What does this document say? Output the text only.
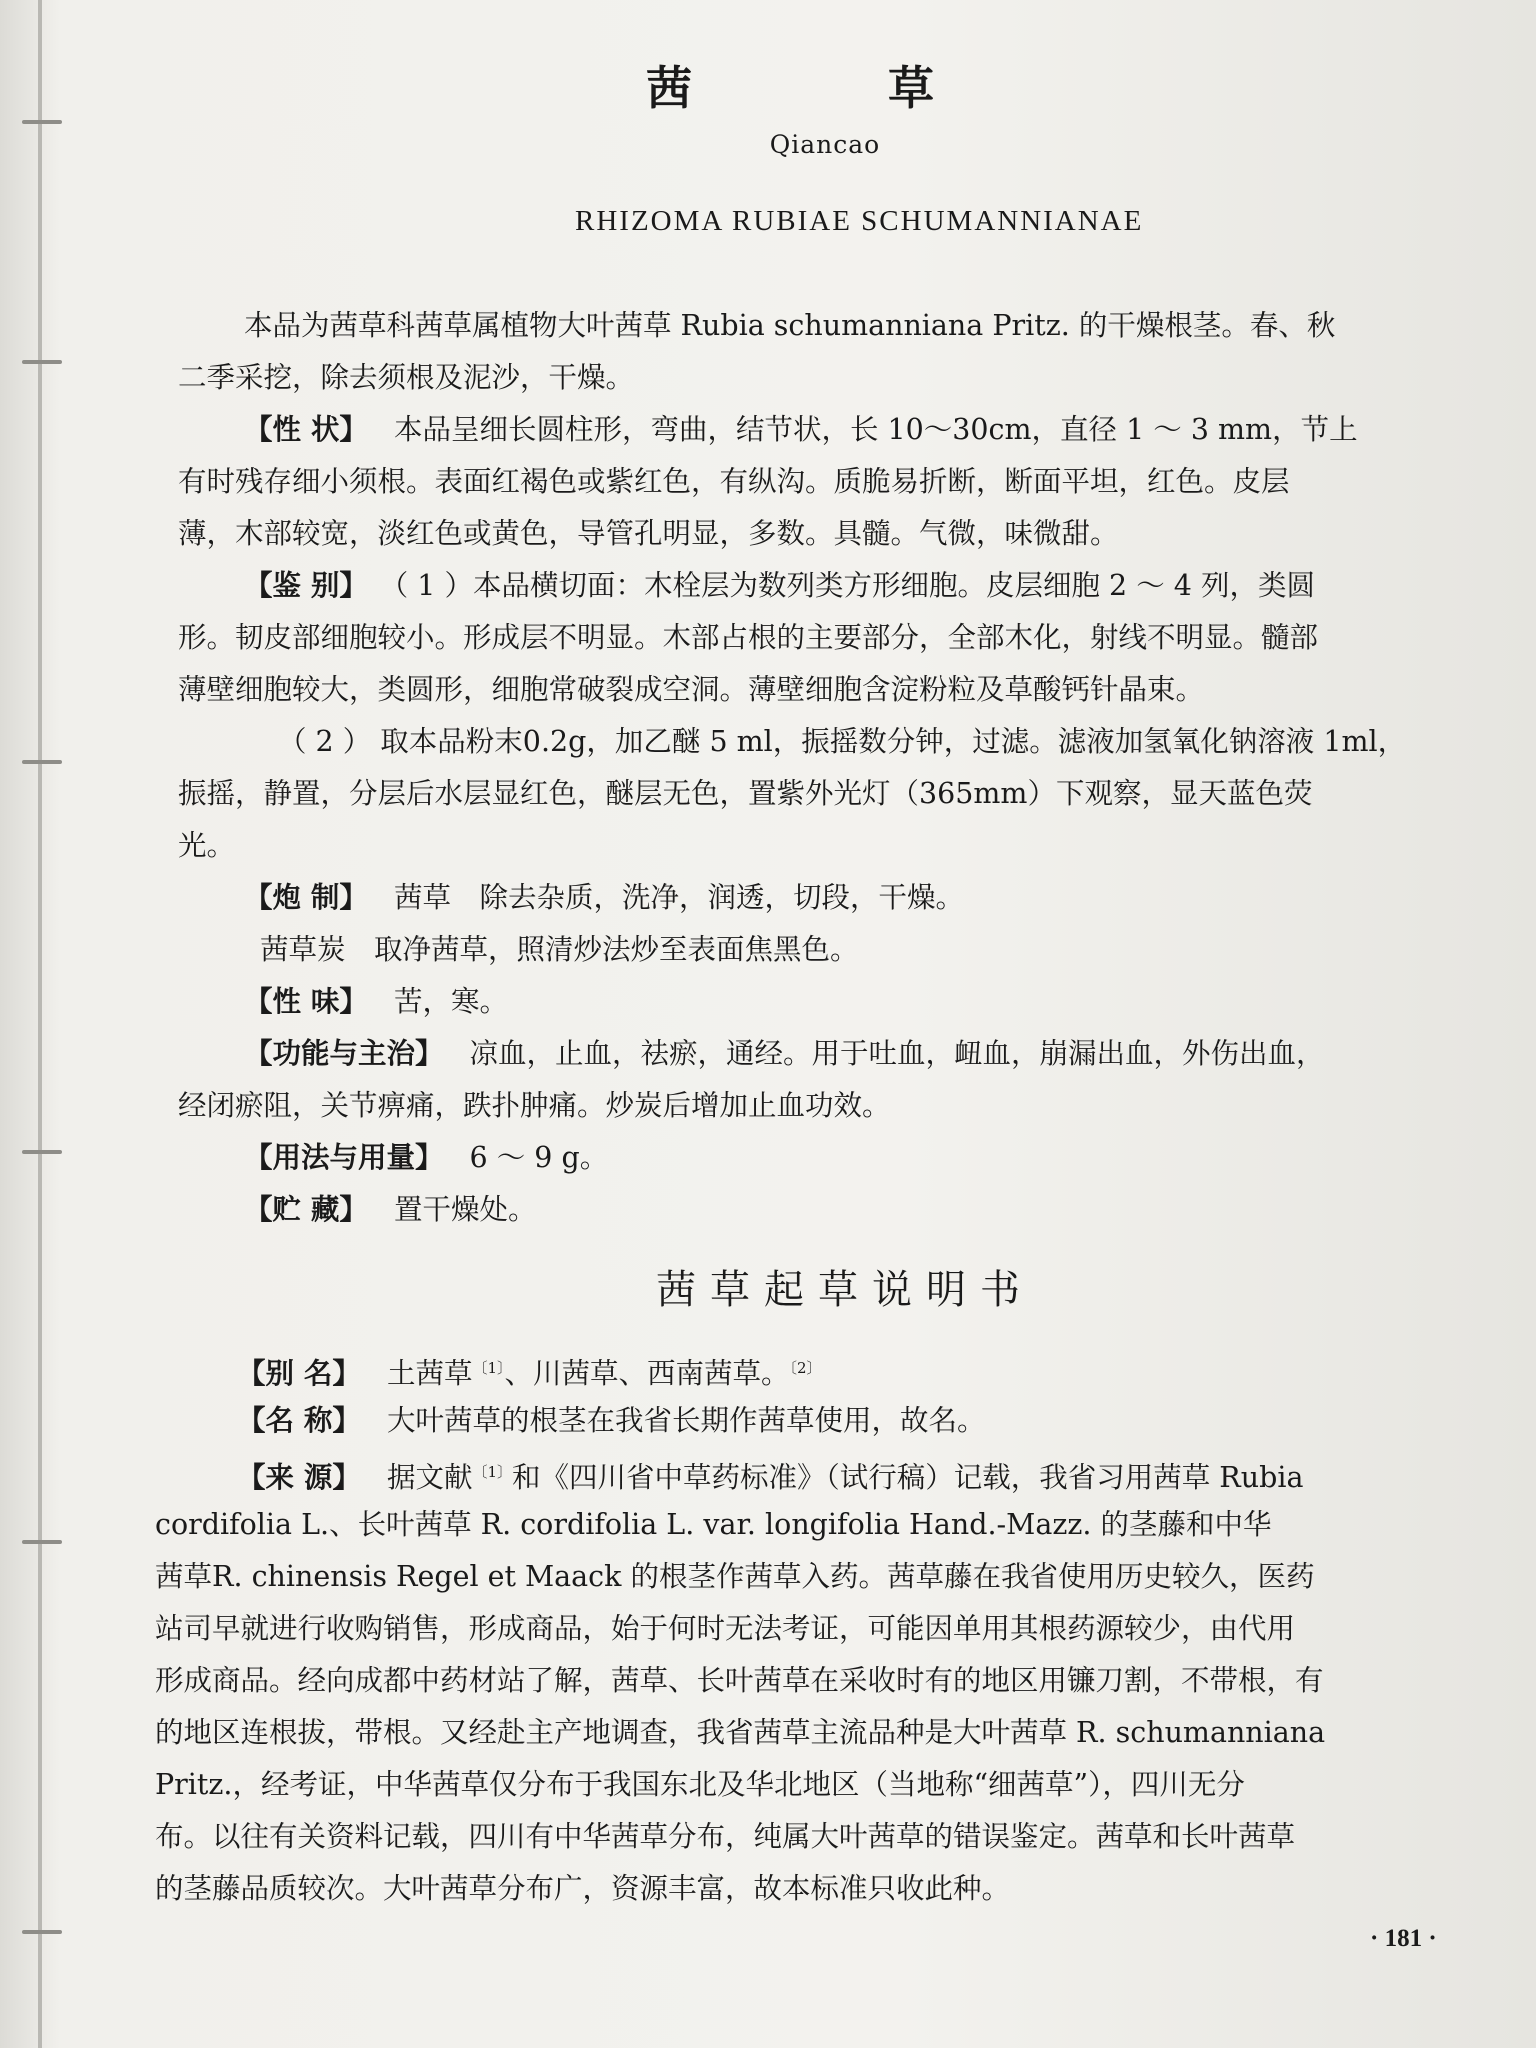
茜 草
Qiancao
RHIZOMA RUBIAE SCHUMANNIANAE
本品为茜草科茜草属植物大叶茜草 Rubia schumanniana Pritz. 的干燥根茎。春、秋
二季采挖，除去须根及泥沙，干燥。
【性 状】 本品呈细长圆柱形，弯曲，结节状，长 10～30cm，直径 1 ～ 3 mm，节上
有时残存细小须根。表面红褐色或紫红色，有纵沟。质脆易折断，断面平坦，红色。皮层
薄，木部较宽，淡红色或黄色，导管孔明显，多数。具髓。气微，味微甜。
【鉴 别】 （ 1 ）本品横切面：木栓层为数列类方形细胞。皮层细胞 2 ～ 4 列，类圆
形。韧皮部细胞较小。形成层不明显。木部占根的主要部分，全部木化，射线不明显。髓部
薄壁细胞较大，类圆形，细胞常破裂成空洞。薄壁细胞含淀粉粒及草酸钙针晶束。
（ 2 ） 取本品粉末0.2g，加乙醚 5 ml，振摇数分钟，过滤。滤液加氢氧化钠溶液 1ml，
振摇，静置，分层后水层显红色，醚层无色，置紫外光灯（365mm）下观察，显天蓝色荧
光。
【炮 制】 茜草　除去杂质，洗净，润透，切段，干燥。
茜草炭　取净茜草，照清炒法炒至表面焦黑色。
【性 味】 苦，寒。
【功能与主治】 凉血，止血，祛瘀，通经。用于吐血，衄血，崩漏出血，外伤出血，
经闭瘀阻，关节痹痛，跌扑肿痛。炒炭后增加止血功效。
【用法与用量】 6 ～ 9 g。
【贮 藏】 置干燥处。
茜草起草说明书
【别 名】 土茜草$^{〔1〕}$、川茜草、西南茜草。$^{〔2〕}$
【名 称】 大叶茜草的根茎在我省长期作茜草使用，故名。
【来 源】 据文献$^{〔1〕}$和《四川省中草药标准》（试行稿）记载，我省习用茜草 Rubia
cordifolia L.、长叶茜草 R. cordifolia L. var. longifolia Hand.-Mazz. 的茎藤和中华
茜草R. chinensis Regel et Maack 的根茎作茜草入药。茜草藤在我省使用历史较久，医药
站司早就进行收购销售，形成商品，始于何时无法考证，可能因单用其根药源较少，由代用
形成商品。经向成都中药材站了解，茜草、长叶茜草在采收时有的地区用镰刀割，不带根，有
的地区连根拔，带根。又经赴主产地调查，我省茜草主流品种是大叶茜草 R. schumanniana
Pritz.，经考证，中华茜草仅分布于我国东北及华北地区（当地称“细茜草”），四川无分
布。以往有关资料记载，四川有中华茜草分布，纯属大叶茜草的错误鉴定。茜草和长叶茜草
的茎藤品质较次。大叶茜草分布广，资源丰富，故本标准只收此种。
· 181 ·
